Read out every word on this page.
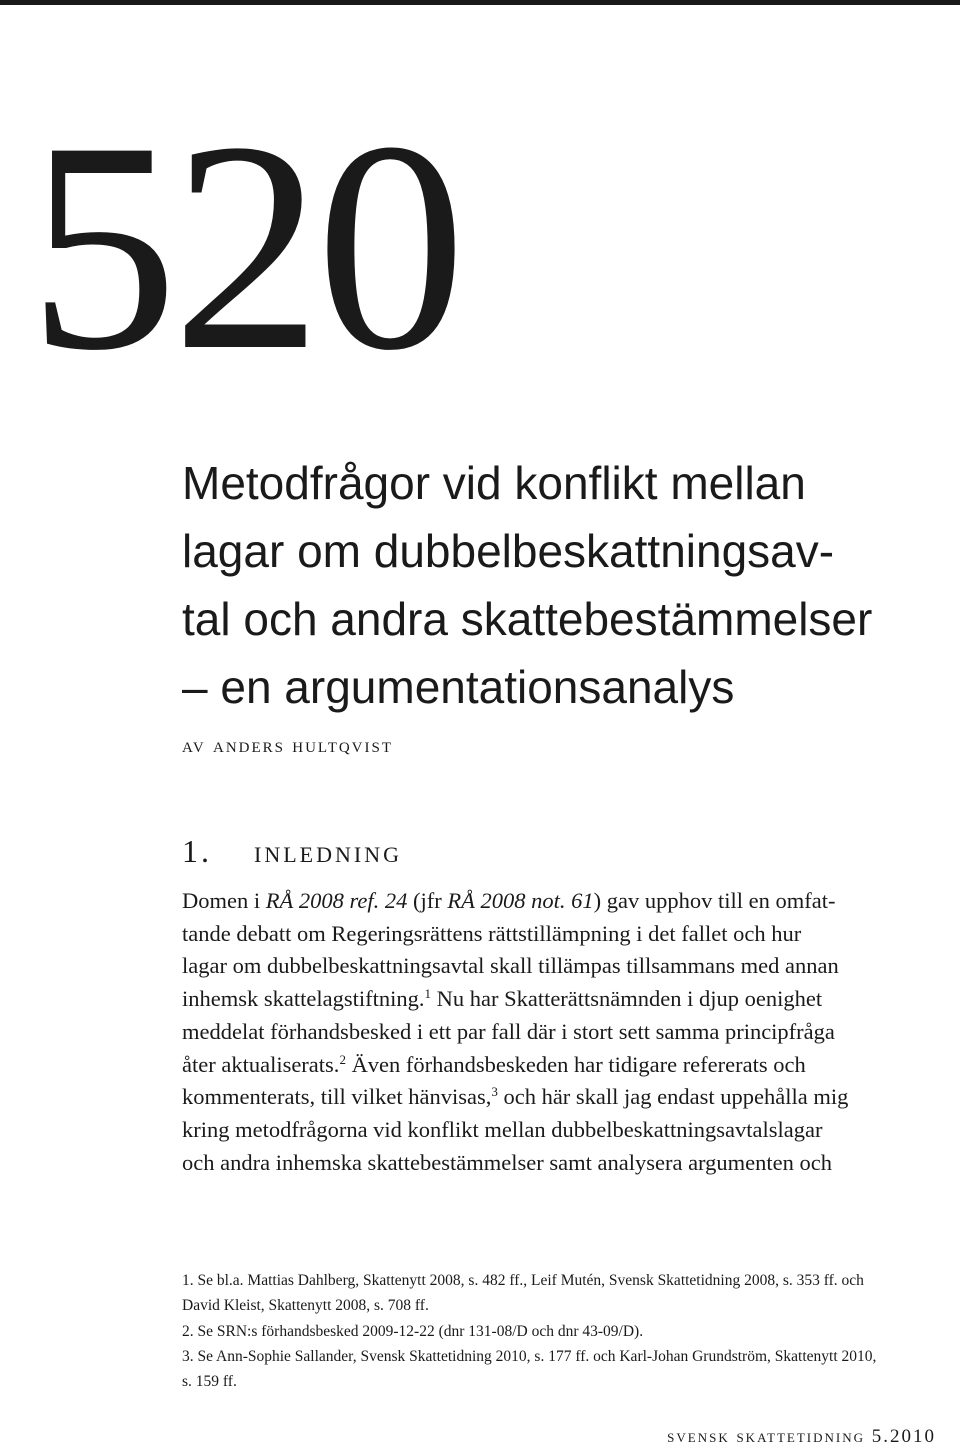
520
Metodfrågor vid konflikt mellan
lagar om dubbelbeskattningsav-
tal och andra skattebestämmelser
– en argumentationsanalys
av anders hultqvist
1. inledning
Domen i RÅ 2008 ref. 24 (jfr RÅ 2008 not. 61) gav upphov till en omfat-
tande debatt om Regeringsrättens rättstillämpning i det fallet och hur
lagar om dubbelbeskattningsavtal skall tillämpas tillsammans med annan
inhemsk skattelagstiftning.$^1$ Nu har Skatterättsnämnden i djup oenighet
meddelat förhandsbesked i ett par fall där i stort sett samma principfråga
åter aktualiserats.$^2$ Även förhandsbeskeden har tidigare refererats och
kommenterats, till vilket hänvisas,$^3$ och här skall jag endast uppehålla mig
kring metodfrågorna vid konflikt mellan dubbelbeskattningsavtalslagar
och andra inhemska skattebestämmelser samt analysera argumenten och
1. Se bl.a. Mattias Dahlberg, Skattenytt 2008, s. 482 ff., Leif Mutén, Svensk Skattetidning 2008, s. 353 ff. och
David Kleist, Skattenytt 2008, s. 708 ff.
2. Se SRN:s förhandsbesked 2009-12-22 (dnr 131-08/D och dnr 43-09/D).
3. Se Ann-Sophie Sallander, Svensk Skattetidning 2010, s. 177 ff. och Karl-Johan Grundström, Skattenytt 2010,
s. 159 ff.
svensk skattetidning 5.2010
